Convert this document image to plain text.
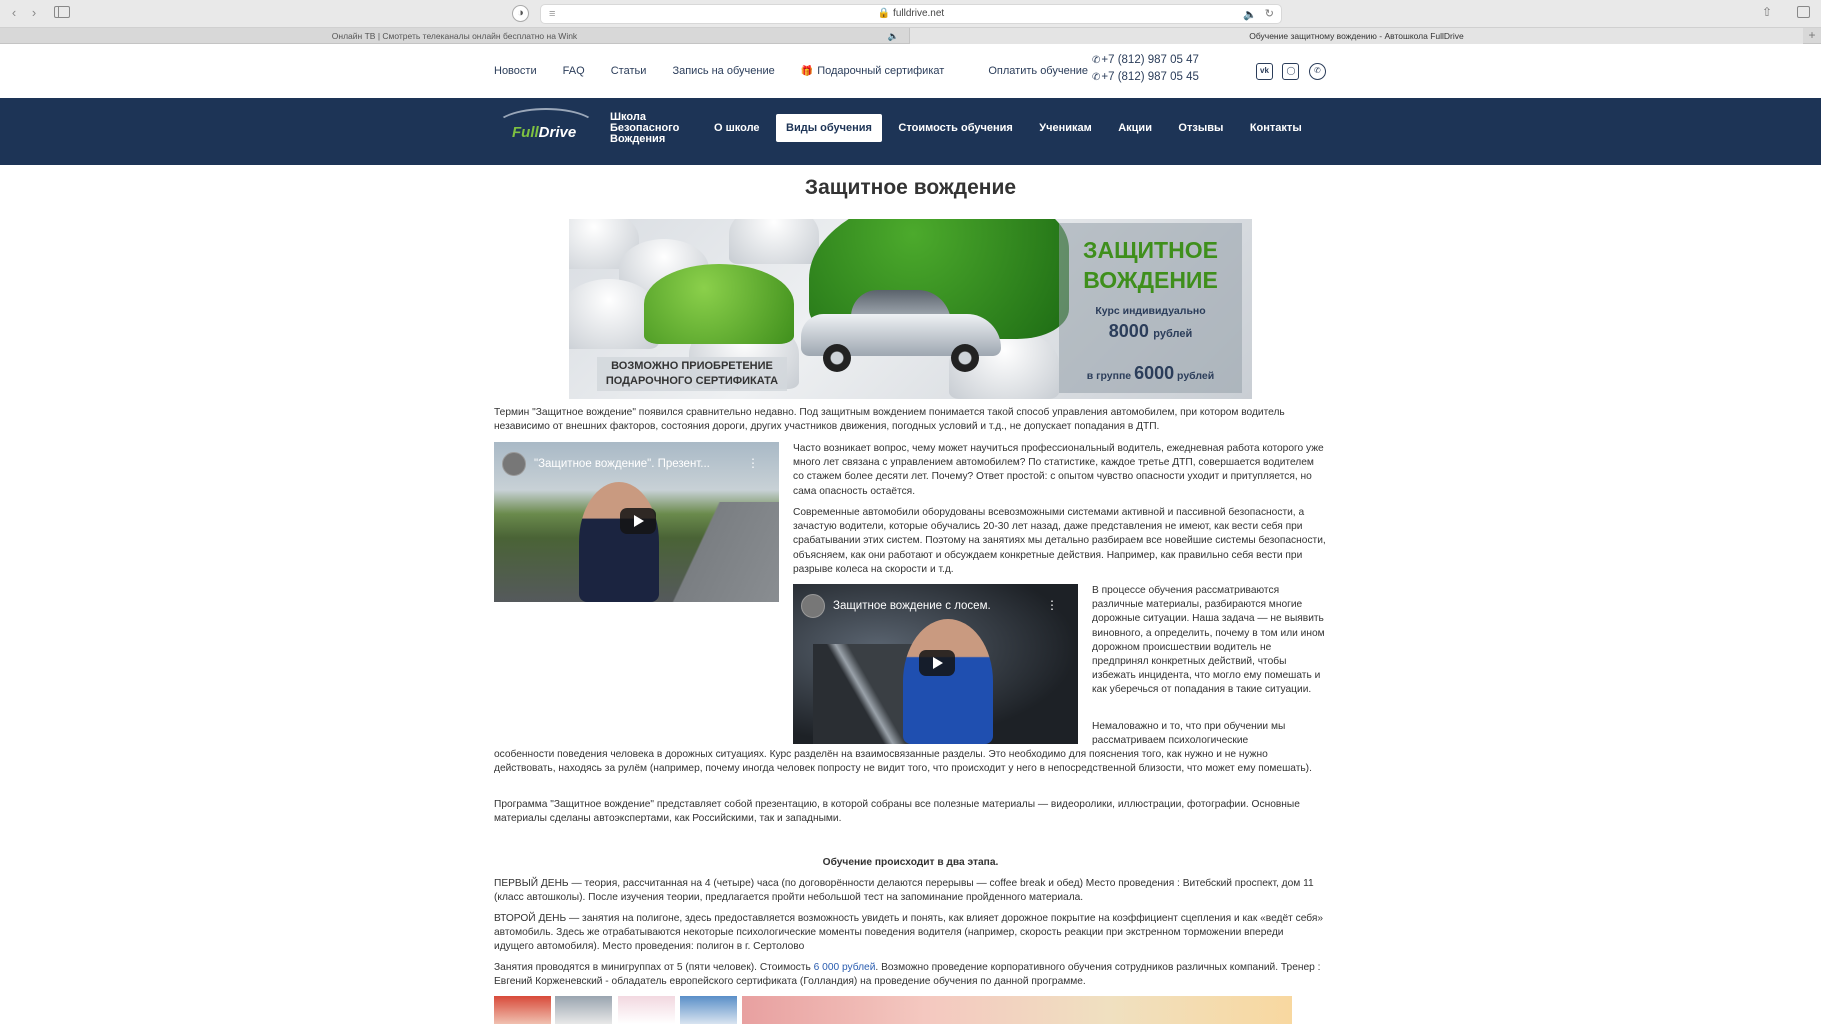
‹	›	◑	≡	🔒 fulldrive.net	🔈 ↻	⇧
Онлайн ТВ | Смотреть телеканалы онлайн бесплатно на Wink	🔈	Обучение защитному вождению - Автошкола FullDrive	+
Новости FAQ Статьи Запись на обучение	🎁 Подарочный сертификат	Оплатить обучение
✆+7 (812) 987 05 47
✆+7 (812) 987 05 45
vk ◯ ✆
FullDrive
Школа
Безопасного
Вождения
О школе Виды обучения Стоимость обучения Ученикам Акции Отзывы Контакты
Защитное вождение
ВОЗМОЖНО ПРИОБРЕТЕНИЕ
ПОДАРОЧНОГО СЕРТИФИКАТА
ЗАЩИТНОЕ
ВОЖДЕНИЕ
Курс индивидуально
8000 рублей
в группе 6000 рублей

Термин "Защитное вождение" появился сравнительно недавно. Под защитным вождением понимается такой способ управления автомобилем, при котором водитель независимо от внешних факторов, состояния дороги, других участников движения, погодных условий и т.д., не допускает попадания в ДТП.

"Защитное вождение". Презент...	⋮

Часто возникает вопрос, чему может научиться профессиональный водитель, ежедневная работа которого уже много лет связана с управлением автомобилем? По статистике, каждое третье ДТП, совершается водителем со стажем более десяти лет. Почему? Ответ простой: с опытом чувство опасности уходит и притупляется, но сама опасность остаётся.

Современные автомобили оборудованы всевозможными системами активной и пассивной безопасности, а зачастую водители, которые обучались 20-30 лет назад, даже представления не имеют, как вести себя при срабатывании этих систем. Поэтому на занятиях мы детально разбираем все новейшие системы безопасности, объясняем, как они работают и обсуждаем конкретные действия. Например, как правильно себя вести при разрыве колеса на скорости и т.д.

Защитное вождение с лосем.	⋮

В процессе обучения рассматриваются различные материалы, разбираются многие дорожные ситуации. Наша задача — не выявить виновного, а определить, почему в том или ином дорожном происшествии водитель не предпринял конкретных действий, чтобы избежать инцидента, что могло ему помешать и как уберечься от попадания в такие ситуации.

Немаловажно и то, что при обучении мы рассматриваем психологические

особенности поведения человека в дорожных ситуациях. Курс разделён на взаимосвязанные разделы. Это необходимо для пояснения того, как нужно и не нужно действовать, находясь за рулём (например, почему иногда человек попросту не видит того, что происходит у него в непосредственной близости, что может ему помешать).

Программа "Защитное вождение" представляет собой презентацию, в которой собраны все полезные материалы — видеоролики, иллюстрации, фотографии. Основные материалы сделаны автоэкспертами, как Российскими, так и западными.

Обучение происходит в два этапа.

ПЕРВЫЙ ДЕНЬ — теория, рассчитанная на 4 (четыре) часа (по договорённости делаются перерывы — coffee break и обед) Место проведения : Витебский проспект, дом 11 (класс автошколы). После изучения теории, предлагается пройти небольшой тест на запоминание пройденного материала.

ВТОРОЙ ДЕНЬ — занятия на полигоне, здесь предоставляется возможность увидеть и понять, как влияет дорожное покрытие на коэффициент сцепления и как «ведёт себя» автомобиль. Здесь же отрабатываются некоторые психологические моменты поведения водителя (например, скорость реакции при экстренном торможении впереди идущего автомобиля). Место проведения: полигон в г. Сертолово

Занятия проводятся в минигруппах от 5 (пяти человек). Стоимость 6 000 рублей. Возможно проведение корпоративного обучения сотрудников различных компаний. Тренер : Евгений Корженевский - обладатель европейского сертификата (Голландия) на проведение обучения по данной программе.
